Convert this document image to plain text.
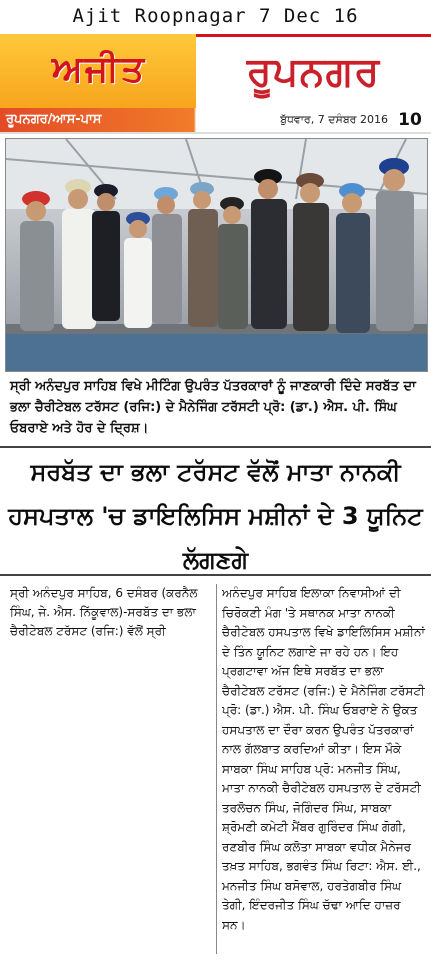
Ajit Roopnagar 7 Dec 16
ਅਜੀਤ	ਰੂਪਨਗਰ
ਰੂਪਨਗਰ/ਆਸ-ਪਾਸ	ਬੁੱਧਵਾਰ, 7 ਦਸੰਬਰ 2016 10
ਸ੍ਰੀ ਅਨੰਦਪੁਰ ਸਾਹਿਬ ਵਿਖੇ ਮੀਟਿੰਗ ਉਪਰੰਤ ਪੱਤਰਕਾਰਾਂ ਨੂੰ ਜਾਣਕਾਰੀ ਦਿੰਦੇ ਸਰਬੱਤ ਦਾ ਭਲਾ ਚੈਰੀਟੇਬਲ ਟਰੱਸਟ (ਰਜਿ:) ਦੇ ਮੈਨੇਜਿੰਗ ਟਰੱਸਟੀ ਪ੍ਰੋ: (ਡਾ.) ਐਸ. ਪੀ. ਸਿੰਘ ਓਬਰਾਏ ਅਤੇ ਹੋਰ ਦੇ ਦ੍ਰਿਸ਼।
ਸਰਬੱਤ ਦਾ ਭਲਾ ਟਰੱਸਟ ਵੱਲੋਂ ਮਾਤਾ ਨਾਨਕੀ ਹਸਪਤਾਲ 'ਚ ਡਾਇਲਿਸਿਸ ਮਸ਼ੀਨਾਂ ਦੇ 3 ਯੂਨਿਟ ਲੱਗਣਗੇ
ਸ੍ਰੀ ਅਨੰਦਪੁਰ ਸਾਹਿਬ, 6 ਦਸੰਬਰ (ਕਰਨੈਲ ਸਿੰਘ, ਜੇ. ਐਸ. ਨਿੱਕੂਵਾਲ)-ਸਰਬੱਤ ਦਾ ਭਲਾ ਚੈਰੀਟੇਬਲ ਟਰੱਸਟ (ਰਜਿ:) ਵੱਲੋਂ ਸ੍ਰੀ
ਅਨੰਦਪੁਰ ਸਾਹਿਬ ਇਲਾਕਾ ਨਿਵਾਸੀਆਂ ਦੀ ਚਿਰੋਕਣੀ ਮੰਗ 'ਤੇ ਸਥਾਨਕ ਮਾਤਾ ਨਾਨਕੀ ਚੈਰੀਟੇਬਲ ਹਸਪਤਾਲ ਵਿਖੇ ਡਾਇਲਿਸਿਸ ਮਸ਼ੀਨਾਂ ਦੇ ਤਿੰਨ ਯੂਨਿਟ ਲਗਾਏ ਜਾ ਰਹੇ ਹਨ। ਇਹ ਪ੍ਰਗਟਾਵਾ ਅੱਜ ਇਥੇ ਸਰਬੱਤ ਦਾ ਭਲਾ ਚੈਰੀਟੇਬਲ ਟਰੱਸਟ (ਰਜਿ:) ਦੇ ਮੈਨੇਜਿੰਗ ਟਰੱਸਟੀ ਪ੍ਰੋ: (ਡਾ.) ਐਸ. ਪੀ. ਸਿੰਘ ਓਬਰਾਏ ਨੇ ਉਕਤ ਹਸਪਤਾਲ ਦਾ ਦੌਰਾ ਕਰਨ ਉਪਰੰਤ ਪੱਤਰਕਾਰਾਂ ਨਾਲ ਗੱਲਬਾਤ ਕਰਦਿਆਂ ਕੀਤਾ। ਇਸ ਮੌਕੇ ਸਾਬਕਾ ਸਿੰਘ ਸਾਹਿਬ ਪ੍ਰੋ: ਮਨਜੀਤ ਸਿੰਘ, ਮਾਤਾ ਨਾਨਕੀ ਚੈਰੀਟੇਬਲ ਹਸਪਤਾਲ ਦੇ ਟਰੱਸਟੀ ਤਰਲੋਚਨ ਸਿੰਘ, ਜੋਗਿੰਦਰ ਸਿੰਘ, ਸਾਬਕਾ ਸ਼੍ਰੋਮਣੀ ਕਮੇਟੀ ਮੈਂਬਰ ਗੁਰਿੰਦਰ ਸਿੰਘ ਗੋਗੀ, ਰਣਬੀਰ ਸਿੰਘ ਕਲੋਤਾ ਸਾਬਕਾ ਵਧੀਕ ਮੈਨੇਜਰ ਤਖ਼ਤ ਸਾਹਿਬ, ਭਗਵੰਤ ਸਿੰਘ ਰਿਟਾ: ਐਸ. ਈ., ਮਨਜੀਤ ਸਿੰਘ ਬਸੋਵਾਲ, ਹਰਤੇਗਬੀਰ ਸਿੰਘ ਤੇਗੀ, ਇੰਦਰਜੀਤ ਸਿੰਘ ਚੱਢਾ ਆਦਿ ਹਾਜ਼ਰ ਸਨ।
